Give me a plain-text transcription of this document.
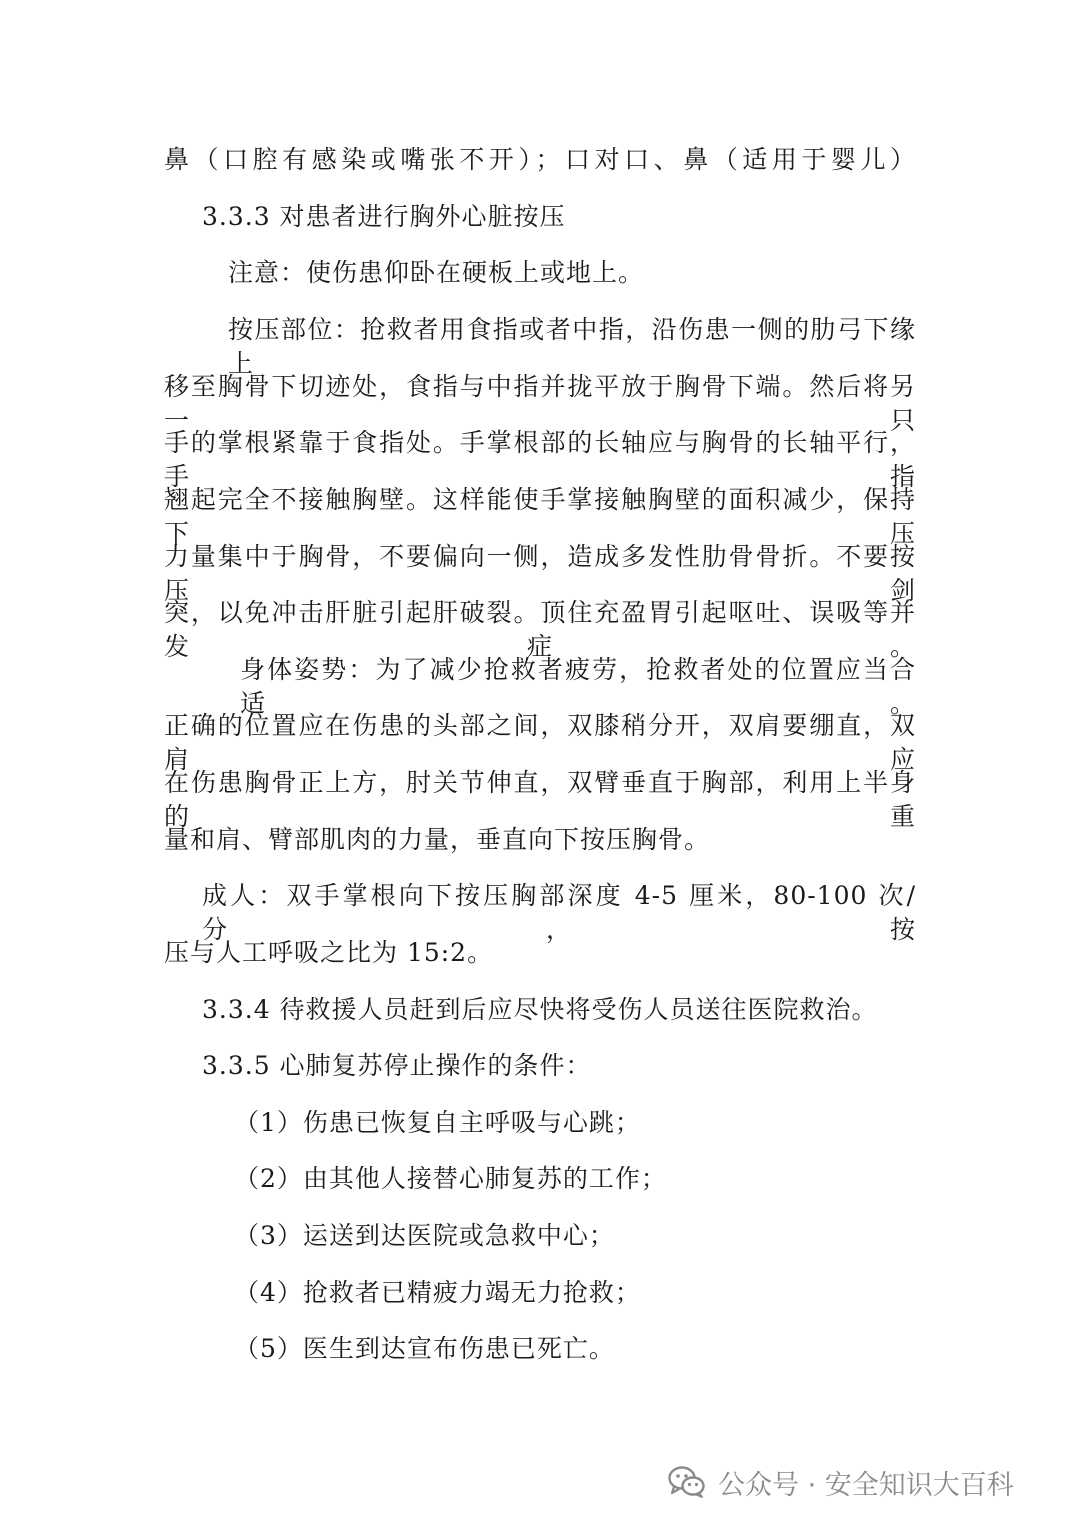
鼻（口腔有感染或嘴张不开）；口对口、鼻（适用于婴儿）
3.3.3 对患者进行胸外心脏按压
注意：使伤患仰卧在硬板上或地上。
按压部位：抢救者用食指或者中指，沿伤患一侧的肋弓下缘上
移至胸骨下切迹处，食指与中指并拢平放于胸骨下端。然后将另一只
手的掌根紧靠于食指处。手掌根部的长轴应与胸骨的长轴平行，手指
翘起完全不接触胸壁。这样能使手掌接触胸壁的面积减少，保持下压
力量集中于胸骨，不要偏向一侧，造成多发性肋骨骨折。不要按压剑
突，以免冲击肝脏引起肝破裂。顶住充盈胃引起呕吐、误吸等并发症。
身体姿势：为了减少抢救者疲劳，抢救者处的位置应当合适。
正确的位置应在伤患的头部之间，双膝稍分开，双肩要绷直，双肩应
在伤患胸骨正上方，肘关节伸直，双臂垂直于胸部，利用上半身的重
量和肩、臂部肌肉的力量，垂直向下按压胸骨。
成人：双手掌根向下按压胸部深度 4-5 厘米，80-100 次/分，按
压与人工呼吸之比为 15:2。
3.3.4 待救援人员赶到后应尽快将受伤人员送往医院救治。
3.3.5 心肺复苏停止操作的条件：
（1）伤患已恢复自主呼吸与心跳；
（2）由其他人接替心肺复苏的工作；
（3）运送到达医院或急救中心；
（4）抢救者已精疲力竭无力抢救；
（5）医生到达宣布伤患已死亡。
公众号 · 安全知识大百科
